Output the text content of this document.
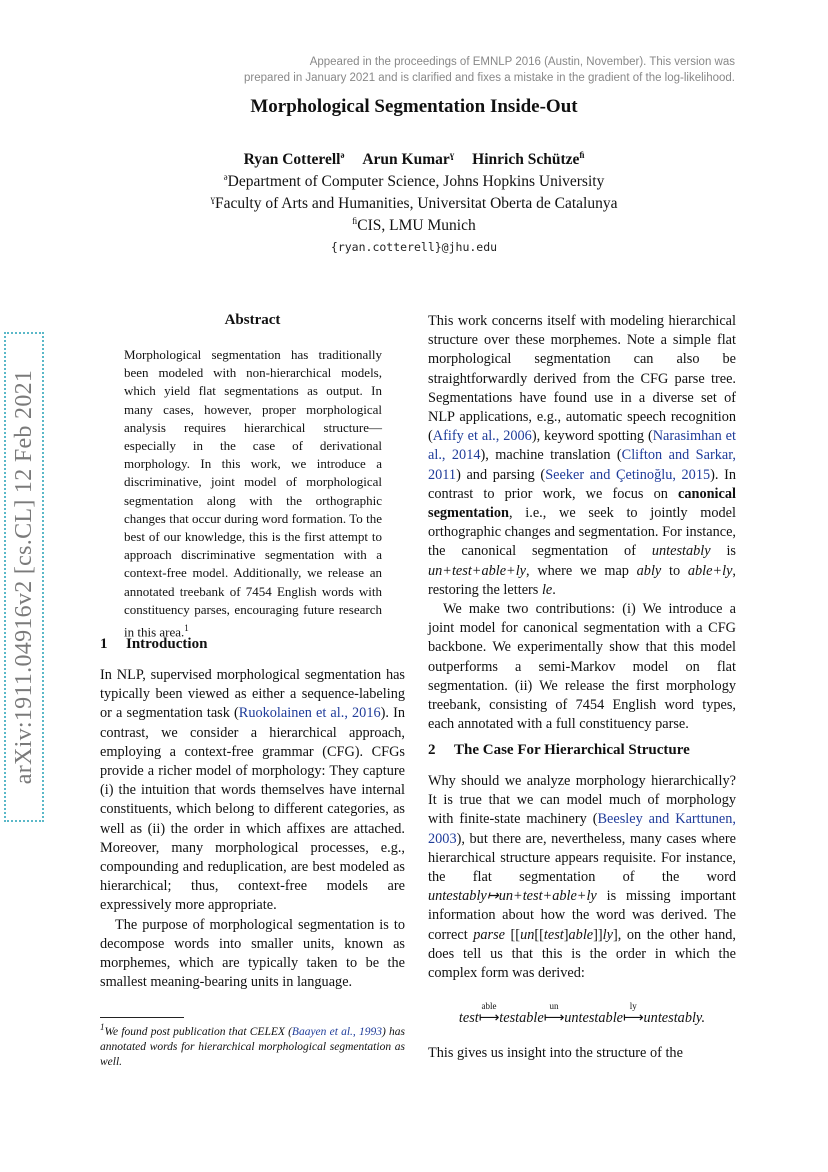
Appeared in the proceedings of EMNLP 2016 (Austin, November). This version was
prepared in January 2021 and is clarified and fixes a mistake in the gradient of the log-likelihood.
Morphological Segmentation Inside-Out
Ryan Cotterell$^ə$ Arun Kumar$^ɣ$ Hinrich Schütze$^ﬁ$
$^ə$Department of Computer Science, Johns Hopkins University
$^ɣ$Faculty of Arts and Humanities, Universitat Oberta de Catalunya
$^ﬁ$CIS, LMU Munich
{ryan.cotterell}@jhu.edu
arXiv:1911.04916v2 [cs.CL] 12 Feb 2021
Abstract
Morphological segmentation has traditionally been modeled with non-hierarchical models, which yield flat segmentations as output. In many cases, however, proper morphological analysis requires hierarchical structure—especially in the case of derivational morphology. In this work, we introduce a discriminative, joint model of morphological segmentation along with the orthographic changes that occur during word formation. To the best of our knowledge, this is the first attempt to approach discriminative segmentation with a context-free model. Additionally, we release an annotated treebank of 7454 English words with constituency parses, encouraging future research in this area.$^1$
1 Introduction

In NLP, supervised morphological segmentation has typically been viewed as either a sequence-labeling or a segmentation task (Ruokolainen et al., 2016). In contrast, we consider a hierarchical approach, employing a context-free grammar (CFG). CFGs provide a richer model of morphology: They capture (i) the intuition that words themselves have internal constituents, which belong to different categories, as well as (ii) the order in which affixes are attached. Moreover, many morphological processes, e.g., compounding and reduplication, are best modeled as hierarchical; thus, context-free models are expressively more appropriate.

The purpose of morphological segmentation is to decompose words into smaller units, known as morphemes, which are typically taken to be the smallest meaning-bearing units in language.

$^1$We found post publication that CELEX (Baayen et al., 1993) has annotated words for hierarchical morphological segmentation as well.

This work concerns itself with modeling hierarchical structure over these morphemes. Note a simple flat morphological segmentation can also be straightforwardly derived from the CFG parse tree. Segmentations have found use in a diverse set of NLP applications, e.g., automatic speech recognition (Afify et al., 2006), keyword spotting (Narasimhan et al., 2014), machine translation (Clifton and Sarkar, 2011) and parsing (Seeker and Çetinoğlu, 2015). In contrast to prior work, we focus on canonical segmentation, i.e., we seek to jointly model orthographic changes and segmentation. For instance, the canonical segmentation of untestably is un+test+able+ly, where we map ably to able+ly, restoring the letters le.

We make two contributions: (i) We introduce a joint model for canonical segmentation with a CFG backbone. We experimentally show that this model outperforms a semi-Markov model on flat segmentation. (ii) We release the first morphology treebank, consisting of 7454 English word types, each annotated with a full constituency parse.

2 The Case For Hierarchical Structure

Why should we analyze morphology hierarchically? It is true that we can model much of morphology with finite-state machinery (Beesley and Karttunen, 2003), but there are, nevertheless, many cases where hierarchical structure appears requisite. For instance, the flat segmentation of the word untestably↦un+test+able+ly is missing important information about how the word was derived. The correct parse [[un[[test]able]]ly], on the other hand, does tell us that this is the order in which the complex form was derived:

test
able
⟼testable
un
⟼untestable
ly
⟼untestably.
This gives us insight into the structure of the
